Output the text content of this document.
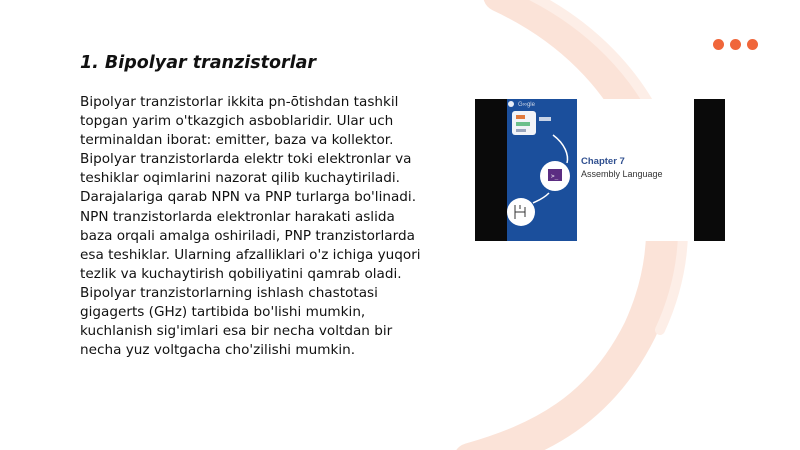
1. Bipolyar tranzistorlar

Bipolyar tranzistorlar ikkita pn-ōtishdan tashkil topgan yarim o'tkazgich asboblaridir. Ular uch terminaldan iborat: emitter, baza va kollektor. Bipolyar tranzistorlarda elektr toki elektronlar va teshiklar oqimlarini nazorat qilib kuchaytiriladi. Darajalariga qarab NPN va PNP turlarga bo'linadi. NPN tranzistorlarda elektronlar harakati aslida baza orqali amalga oshiriladi, PNP tranzistorlarda esa teshiklar. Ularning afzalliklari o'z ichiga yuqori tezlik va kuchaytirish qobiliyatini qamrab oladi. Bipolyar tranzistorlarning ishlash chastotasi gigagerts (GHz) tartibida bo'lishi mumkin, kuchlanish sig'imlari esa bir necha voltdan bir necha yuz voltgacha cho'zilishi mumkin.

>_
G∞gle
Chapter 7
Assembly Language
